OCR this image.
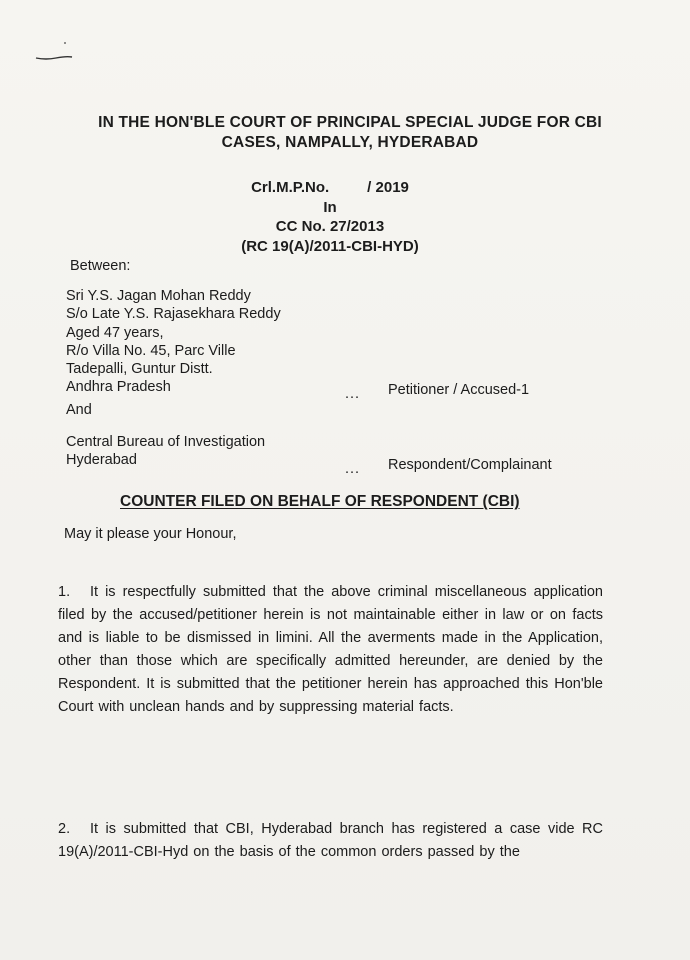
IN THE HON'BLE COURT OF PRINCIPAL SPECIAL JUDGE FOR CBI
CASES, NAMPALLY, HYDERABAD
Crl.M.P.No.	/ 2019
In
CC No. 27/2013
(RC 19(A)/2011-CBI-HYD)
Between:
Sri Y.S. Jagan Mohan Reddy
S/o Late Y.S. Rajasekhara Reddy
Aged 47 years,
R/o Villa No. 45, Parc Ville
Tadepalli, Guntur Distt.
Andhra Pradesh	... Petitioner / Accused-1
And
Central Bureau of Investigation
Hyderabad
... Respondent/Complainant
COUNTER FILED ON BEHALF OF RESPONDENT (CBI)
May it please your Honour,
1. It is respectfully submitted that the above criminal miscellaneous application filed by the accused/petitioner herein is not maintainable either in law or on facts and is liable to be dismissed in limini. All the averments made in the Application, other than those which are specifically admitted hereunder, are denied by the Respondent. It is submitted that the petitioner herein has approached this Hon'ble Court with unclean hands and by suppressing material facts.
2. It is submitted that CBI, Hyderabad branch has registered a case vide RC 19(A)/2011-CBI-Hyd on the basis of the common orders passed by the
